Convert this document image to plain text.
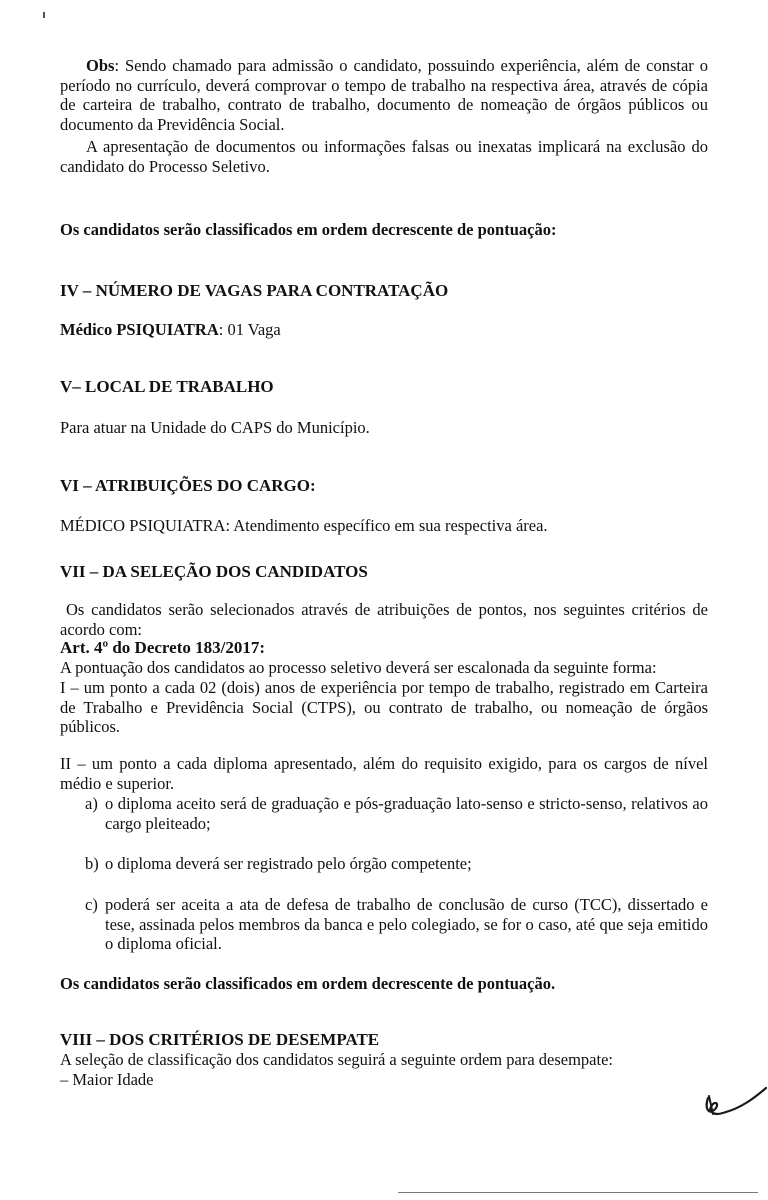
Obs: Sendo chamado para admissão o candidato, possuindo experiência, além de constar o período no currículo, deverá comprovar o tempo de trabalho na respectiva área, através de cópia de carteira de trabalho, contrato de trabalho, documento de nomeação de órgãos públicos ou documento da Previdência Social.

A apresentação de documentos ou informações falsas ou inexatas implicará na exclusão do candidato do Processo Seletivo.

Os candidatos serão classificados em ordem decrescente de pontuação:

IV – NÚMERO DE VAGAS PARA CONTRATAÇÃO

Médico PSIQUIATRA: 01 Vaga

V– LOCAL DE TRABALHO

Para atuar na Unidade do CAPS do Município.

VI – ATRIBUIÇÕES DO CARGO:

MÉDICO PSIQUIATRA: Atendimento específico em sua respectiva área.

VII – DA SELEÇÃO DOS CANDIDATOS

Os candidatos serão selecionados através de atribuições de pontos, nos seguintes critérios de acordo com:

Art. 4º do Decreto 183/2017:

A pontuação dos candidatos ao processo seletivo deverá ser escalonada da seguinte forma:

I – um ponto a cada 02 (dois) anos de experiência por tempo de trabalho, registrado em Carteira de Trabalho e Previdência Social (CTPS), ou contrato de trabalho, ou nomeação de órgãos públicos.

II – um ponto a cada diploma apresentado, além do requisito exigido, para os cargos de nível médio e superior.

a) o diploma aceito será de graduação e pós-graduação lato-senso e stricto-senso, relativos ao cargo pleiteado;
b) o diploma deverá ser registrado pelo órgão competente;
c) poderá ser aceita a ata de defesa de trabalho de conclusão de curso (TCC), dissertado e tese, assinada pelos membros da banca e pelo colegiado, se for o caso, até que seja emitido o diploma oficial.

Os candidatos serão classificados em ordem decrescente de pontuação.

VIII – DOS CRITÉRIOS DE DESEMPATE

A seleção de classificação dos candidatos seguirá a seguinte ordem para desempate:

– Maior Idade
